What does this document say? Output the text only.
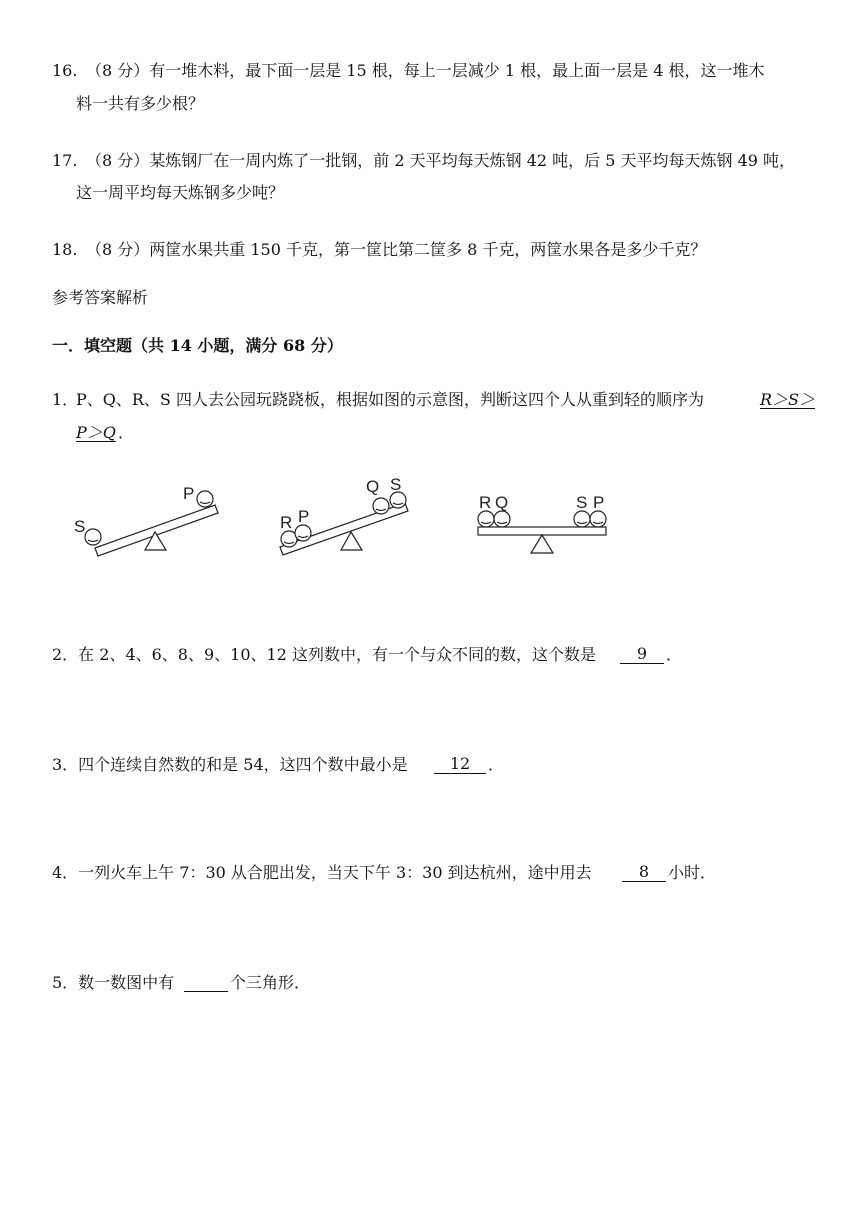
16. （8 分）有一堆木料，最下面一层是 15 根，每上一层减少 1 根，最上面一层是 4 根，这一堆木
料一共有多少根？
17. （8 分）某炼钢厂在一周内炼了一批钢，前 2 天平均每天炼钢 42 吨，后 5 天平均每天炼钢 49 吨，
这一周平均每天炼钢多少吨？
18. （8 分）两筐水果共重 150 千克，第一筐比第二筐多 8 千克，两筐水果各是多少千克？
参考答案解析
一．填空题（共 14 小题，满分 68 分）
1．
P、Q、R、S 四人去公园玩跷跷板，根据如图的示意图，判断这四个人从重到轻的顺序为	R＞S＞
P＞Q ．
S
P
R P
Q S
R Q	S P
2．在 2、4、6、8、9、10、12 这列数中，有一个与众不同的数，这个数是	9	．
3．四个连续自然数的和是 54，这四个数中最小是	12	．
4．一列火车上午 7：30 从合肥出发，当天下午 3：30 到达杭州，途中用去	8	小时．
5．数一数图中有	个三角形．
